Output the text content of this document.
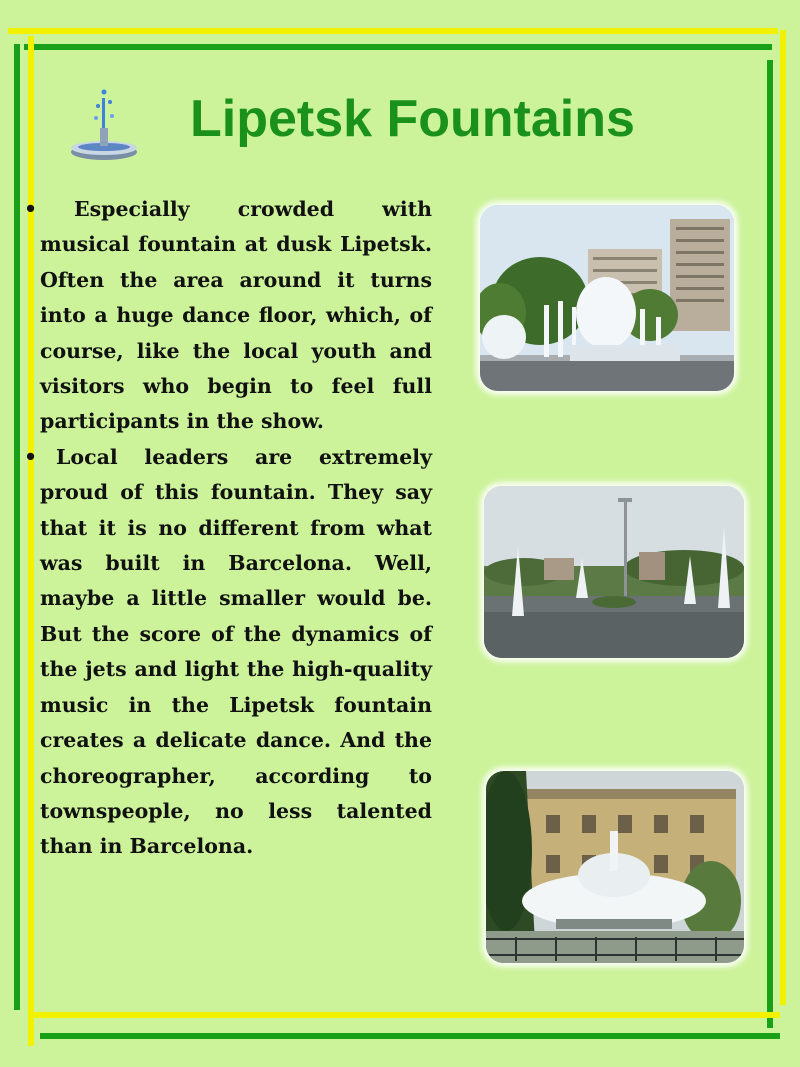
Lipetsk Fountains

• Especially crowded with musical fountain at dusk Lipetsk. Often the area around it turns into a huge dance floor, which, of course, like the local youth and visitors who begin to feel full participants in the show.

• Local leaders are extremely proud of this fountain. They say that it is no different from what was built in Barcelona. Well, maybe a little smaller would be. But the score of the dynamics of the jets and light the high-quality music in the Lipetsk fountain creates a delicate dance. And the choreographer, according to townspeople, no less talented than in Barcelona.
